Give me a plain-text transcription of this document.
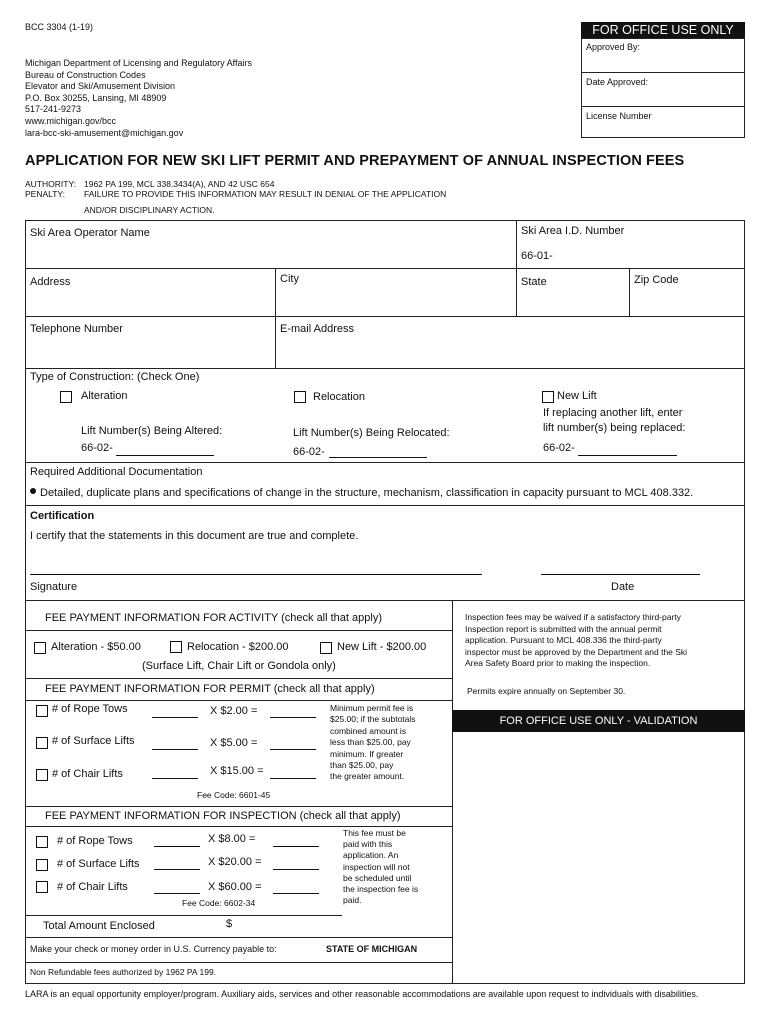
BCC 3304 (1-19)
Michigan Department of Licensing and Regulatory Affairs
Bureau of Construction Codes
Elevator and Ski/Amusement Division
P.O. Box 30255, Lansing, MI 48909
517-241-9273
www.michigan.gov/bcc
lara-bcc-ski-amusement@michigan.gov
FOR OFFICE USE ONLY
Approved By:
Date Approved:
License Number
APPLICATION FOR NEW SKI LIFT PERMIT AND PREPAYMENT OF ANNUAL INSPECTION FEES
AUTHORITY: 1962 PA 199, MCL 338.3434(A), AND 42 USC 654
PENALTY: FAILURE TO PROVIDE THIS INFORMATION MAY RESULT IN DENIAL OF THE APPLICATION
AND/OR DISCIPLINARY ACTION.
Ski Area Operator Name	Ski Area I.D. Number
66-01-
Address	City	State	Zip Code
Telephone Number	E-mail Address
Type of Construction: (Check One)
Alteration	Relocation	New Lift
If replacing another lift, enter
lift number(s) being replaced:
Lift Number(s) Being Altered:	Lift Number(s) Being Relocated:
66-02-	66-02-	66-02-
Required Additional Documentation
Detailed, duplicate plans and specifications of change in the structure, mechanism, classification in capacity pursuant to MCL 408.332.
Certification
I certify that the statements in this document are true and complete.
Signature	Date
FEE PAYMENT INFORMATION FOR ACTIVITY (check all that apply)
Alteration - $50.00	Relocation - $200.00	New Lift - $200.00
(Surface Lift, Chair Lift or Gondola only)
FEE PAYMENT INFORMATION FOR PERMIT (check all that apply)
# of Rope Tows	X $2.00 =
# of Surface Lifts	X $5.00 =
# of Chair Lifts	X $15.00 =
Minimum permit fee is
$25.00; if the subtotals
combined amount is
less than $25.00, pay
minimum. If greater
than $25.00, pay
the greater amount.
Fee Code: 6601-45
FEE PAYMENT INFORMATION FOR INSPECTION (check all that apply)
# of Rope Tows	X $8.00 =
# of Surface Lifts	X $20.00 =
# of Chair Lifts	X $60.00 =
This fee must be
paid with this
application. An
inspection will not
be scheduled until
the inspection fee is
paid.
Fee Code: 6602-34
Total Amount Enclosed	$
Make your check or money order in U.S. Currency payable to:	STATE OF MICHIGAN
Non Refundable fees authorized by 1962 PA 199.
Inspection fees may be waived if a satisfactory third-party
Inspection report is submitted with the annual permit
application. Pursuant to MCL 408.336 the third-party
inspector must be approved by the Department and the Ski
Area Safety Board prior to making the inspection.
Permits expire annually on September 30.
FOR OFFICE USE ONLY - VALIDATION
LARA is an equal opportunity employer/program. Auxiliary aids, services and other reasonable accommodations are available upon request to individuals with disabilities.
